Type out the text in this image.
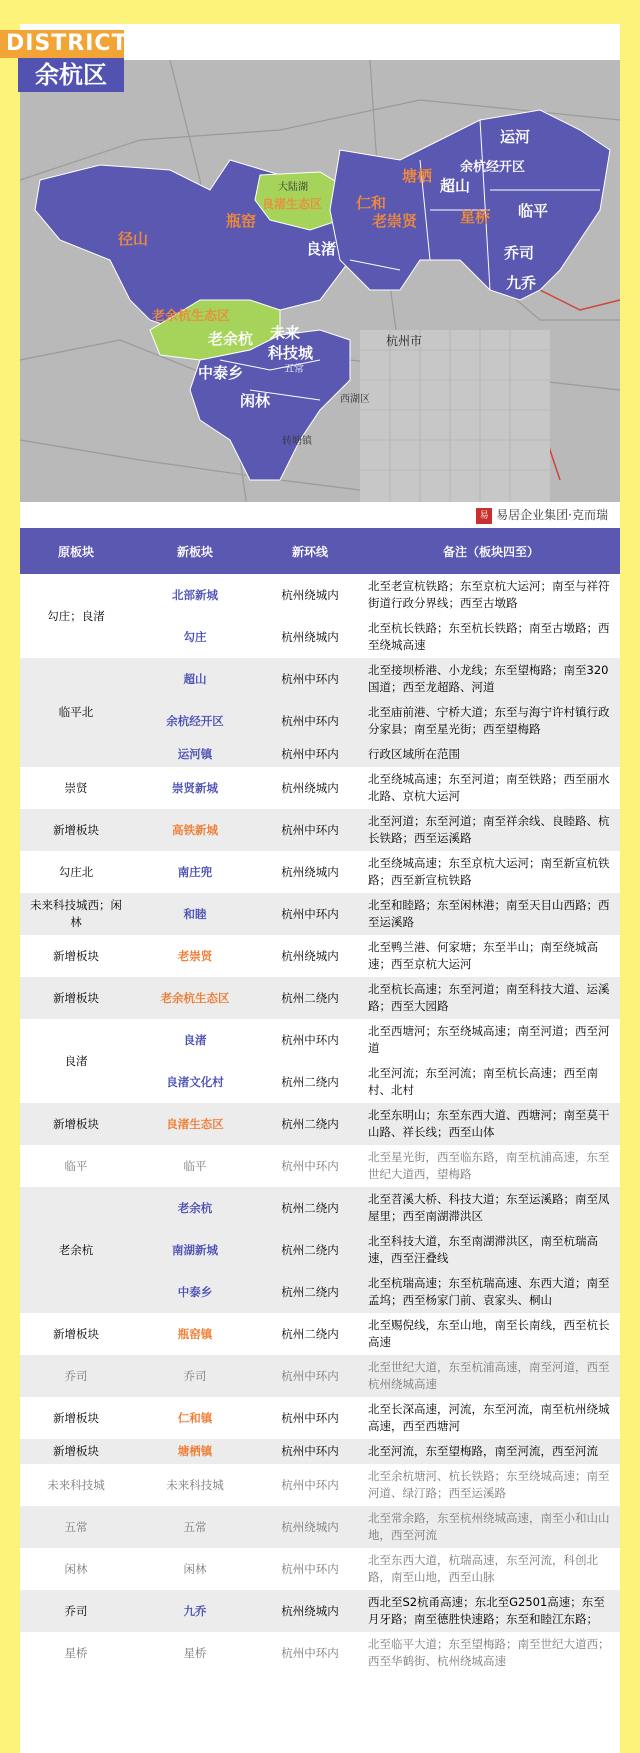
DISTRICT
余杭区
径山
瓶窑
良渚生态区
良渚
老余杭生态区
老余杭 未来
科技城
中泰乡
闲林
仁和
塘栖
老崇贤
超山
运河
余杭经开区
星桥 临平
乔司
九乔
杭州市
大陆湖
五常
西湖区
转塘镇
易 易居企业集团·克而瑞
原板块	新板块	新环线	备注（板块四至）
勾庄；良渚	北部新城	杭州绕城内	北至老宣杭铁路；东至京杭大运河；南至与祥符街道行政分界线；西至古墩路
	勾庄	杭州绕城内	北至杭长铁路；东至杭长铁路；南至古墩路；西至绕城高速
临平北	超山	杭州中环内	北至接坝桥港、小龙线；东至望梅路；南至320国道；西至龙超路、河道
	余杭经开区	杭州中环内	北至庙前港、宁桥大道；东至与海宁许村镇行政分家县；南至星光街；西至望梅路
	运河镇	杭州中环内	行政区域所在范围
崇贤	崇贤新城	杭州绕城内	北至绕城高速；东至河道；南至铁路；西至丽水北路、京杭大运河
新增板块	高铁新城	杭州中环内	北至河道；东至河道；南至祥余线、良睦路、杭长铁路；西至运溪路
勾庄北	南庄兜	杭州绕城内	北至绕城高速；东至京杭大运河；南至新宣杭铁路；西至新宣杭铁路
未来科技城西；闲林	和睦	杭州中环内	北至和睦路；东至闲林港；南至天目山西路；西至运溪路
新增板块	老崇贤	杭州绕城内	北至鸭兰港、何家塘；东至半山；南至绕城高速；西至京杭大运河
新增板块	老余杭生态区	杭州二绕内	北至杭长高速；东至河道；南至科技大道、运溪路；西至大园路
良渚	良渚	杭州中环内	北至西塘河；东至绕城高速；南至河道；西至河道
	良渚文化村	杭州二绕内	北至河流；东至河流；南至杭长高速；西至南村、北村
新增板块	良渚生态区	杭州二绕内	北至东明山；东至东西大道、西塘河；南至莫干山路、祥长线；西至山体
临平	临平	杭州中环内	北至星光街，西至临东路，南至杭浦高速，东至世纪大道西，望梅路
老余杭	老余杭	杭州二绕内	北至苕溪大桥、科技大道；东至运溪路；南至凤屋里；西至南湖滞洪区
	南湖新城	杭州二绕内	北至科技大道，东至南湖滞洪区，南至杭瑞高速，西至汪叠线
	中泰乡	杭州二绕内	北至杭瑞高速；东至杭瑞高速、东西大道；南至孟坞；西至杨家门前、袁家头、桐山
新增板块	瓶窑镇	杭州二绕内	北至赐倪线，东至山地，南至长南线，西至杭长高速
乔司	乔司	杭州中环内	北至世纪大道，东至杭浦高速，南至河道，西至杭州绕城高速
新增板块	仁和镇	杭州中环内	北至长深高速，河流，东至河流，南至杭州绕城高速，西至西塘河
新增板块	塘栖镇	杭州中环内	北至河流，东至望梅路，南至河流，西至河流
未来科技城	未来科技城	杭州中环内	北至余杭塘河、杭长铁路；东至绕城高速；南至河道、绿汀路；西至运溪路
五常	五常	杭州绕城内	北至常余路，东至杭州绕城高速，南至小和山山地，西至河流
闲林	闲林	杭州中环内	北至东西大道，杭瑞高速，东至河流，科创北路，南至山地，西至山脉
乔司	九乔	杭州绕城内	西北至S2杭甬高速；东北至G2501高速；东至月牙路；南至德胜快速路；东至和睦江东路；
星桥	星桥	杭州中环内	北至临平大道；东至望梅路；南至世纪大道西；西至华鹤街、杭州绕城高速
